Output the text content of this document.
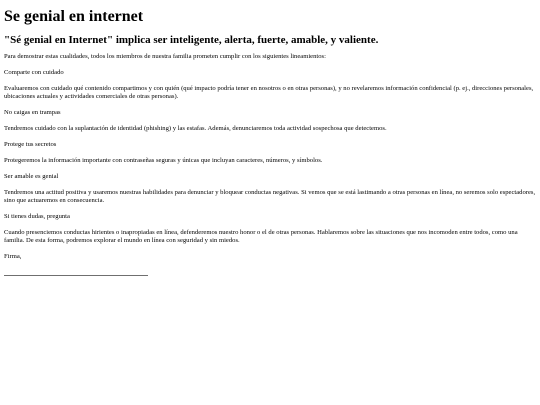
Se genial en internet
"Sé genial en Internet" implica ser inteligente, alerta, fuerte, amable, y valiente.

Para demostrar estas cualidades, todos los miembros de nuestra familia prometen cumplir con los siguientes lineamientos:

Comparte con cuidado

Evaluaremos con cuidado qué contenido compartimos y con quién (qué impacto podría tener en nosotros o en otras personas), y no revelaremos información confidencial (p. ej., direcciones personales, ubicaciones actuales y actividades comerciales de otras personas).

No caigas en trampas

Tendremos cuidado con la suplantación de identidad (phishing) y las estafas. Además, denunciaremos toda actividad sospechosa que detectemos.

Protege tus secretos

Protegeremos la información importante con contraseñas seguras y únicas que incluyan caracteres, números, y símbolos.

Ser amable es genial

Tendremos una actitud positiva y usaremos nuestras habilidades para denunciar y bloquear conductas negativas. Si vemos que se está lastimando a otras personas en línea, no seremos solo espectadores, sino que actuaremos en consecuencia.

Si tienes dudas, pregunta

Cuando presenciemos conductas hirientes o inapropiadas en línea, defenderemos nuestro honor o el de otras personas. Hablaremos sobre las situaciones que nos incomoden entre todos, como una familia. De esta forma, podremos explorar el mundo en línea con seguridad y sin miedos.

Firma,
